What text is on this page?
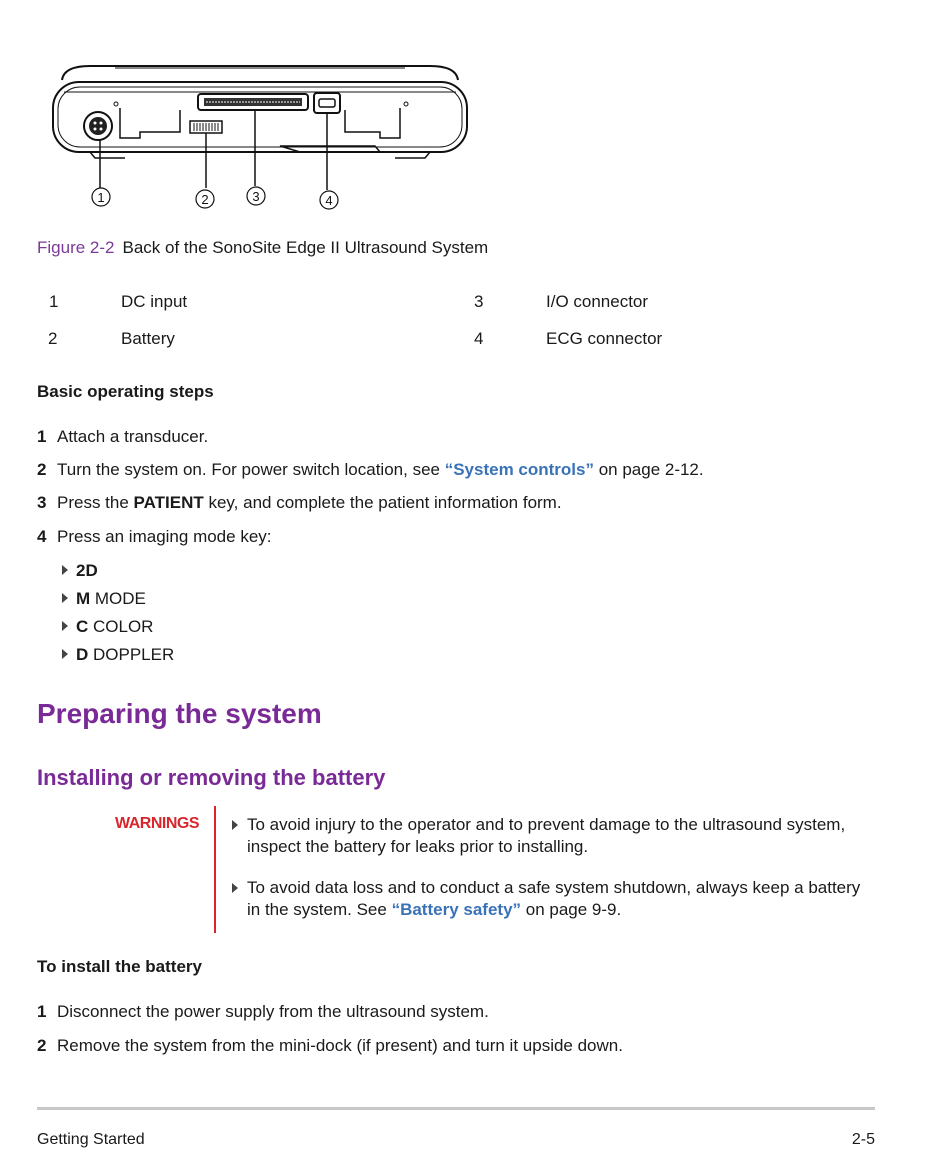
1	2	3	4
Figure 2-2 Back of the SonoSite Edge II Ultrasound System
1	DC input	3	I/O connector
2	Battery	4	ECG connector
Basic operating steps
1 Attach a transducer.
2 Turn the system on. For power switch location, see “System controls” on page 2-12.
3 Press the PATIENT key, and complete the patient information form.
4 Press an imaging mode key:
2D
M MODE
C COLOR
D DOPPLER
Preparing the system
Installing or removing the battery
WARNINGS	To avoid injury to the operator and to prevent damage to the ultrasound system, inspect the battery for leaks prior to installing.
To avoid data loss and to conduct a safe system shutdown, always keep a battery in the system. See “Battery safety” on page 9-9.
To install the battery
1 Disconnect the power supply from the ultrasound system.
2 Remove the system from the mini-dock (if present) and turn it upside down.
Getting Started	2-5
